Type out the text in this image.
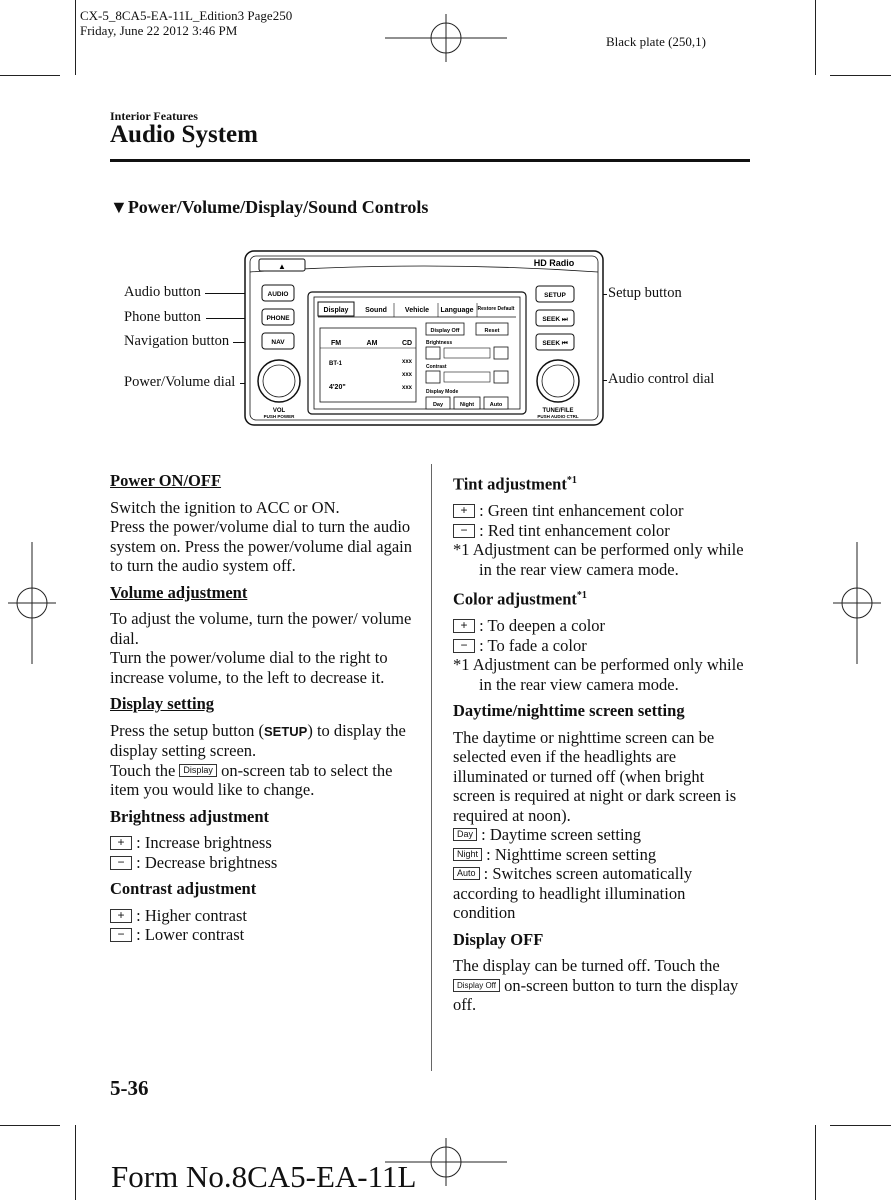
CX-5_8CA5-EA-11L_Edition3 Page250
Friday, June 22 2012 3:46 PM
Black plate (250,1)
Interior Features
Audio System
▼Power/Volume/Display/Sound Controls
Audio button
Phone button
Navigation button
Power/Volume dial
Setup button
Audio control dial
▲	HD Radio
AUDIO
PHONE
NAV
SETUP
SEEK ⏭
SEEK ⏮
VOL
PUSH POWER
TUNE/FILE
PUSH AUDIO CTRL
Display Sound	Vehicle Language Restore Default
FM	AM	CD
BT-1
4'20"
xxx
xxx
xxx
Display Off	Reset
Brightness
Contrast
Display Mode
Day	Night	Auto

Power ON/OFF

Switch the ignition to ACC or ON.

Press the power/volume dial to turn the audio system on. Press the power/volume dial again to turn the audio system off.

Volume adjustment

To adjust the volume, turn the power/ volume dial.

Turn the power/volume dial to the right to increase volume, to the left to decrease it.

Display setting

Press the setup button (SETUP) to display the display setting screen.

Touch the Display on-screen tab to select the item you would like to change.

Brightness adjustment

+ : Increase brightness

− : Decrease brightness

Contrast adjustment

+ : Higher contrast

− : Lower contrast

Tint adjustment$^{*1}$

+ : Green tint enhancement color

− : Red tint enhancement color

*1 Adjustment can be performed only while in the rear view camera mode.

Color adjustment$^{*1}$

+ : To deepen a color

− : To fade a color

*1 Adjustment can be performed only while in the rear view camera mode.

Daytime/nighttime screen setting

The daytime or nighttime screen can be selected even if the headlights are illuminated or turned off (when bright screen is required at night or dark screen is required at noon).

Day : Daytime screen setting

Night : Nighttime screen setting

Auto : Switches screen automatically according to headlight illumination condition

Display OFF

The display can be turned off. Touch the Display Off on-screen button to turn the display off.

5-36
Form No.8CA5-EA-11L
